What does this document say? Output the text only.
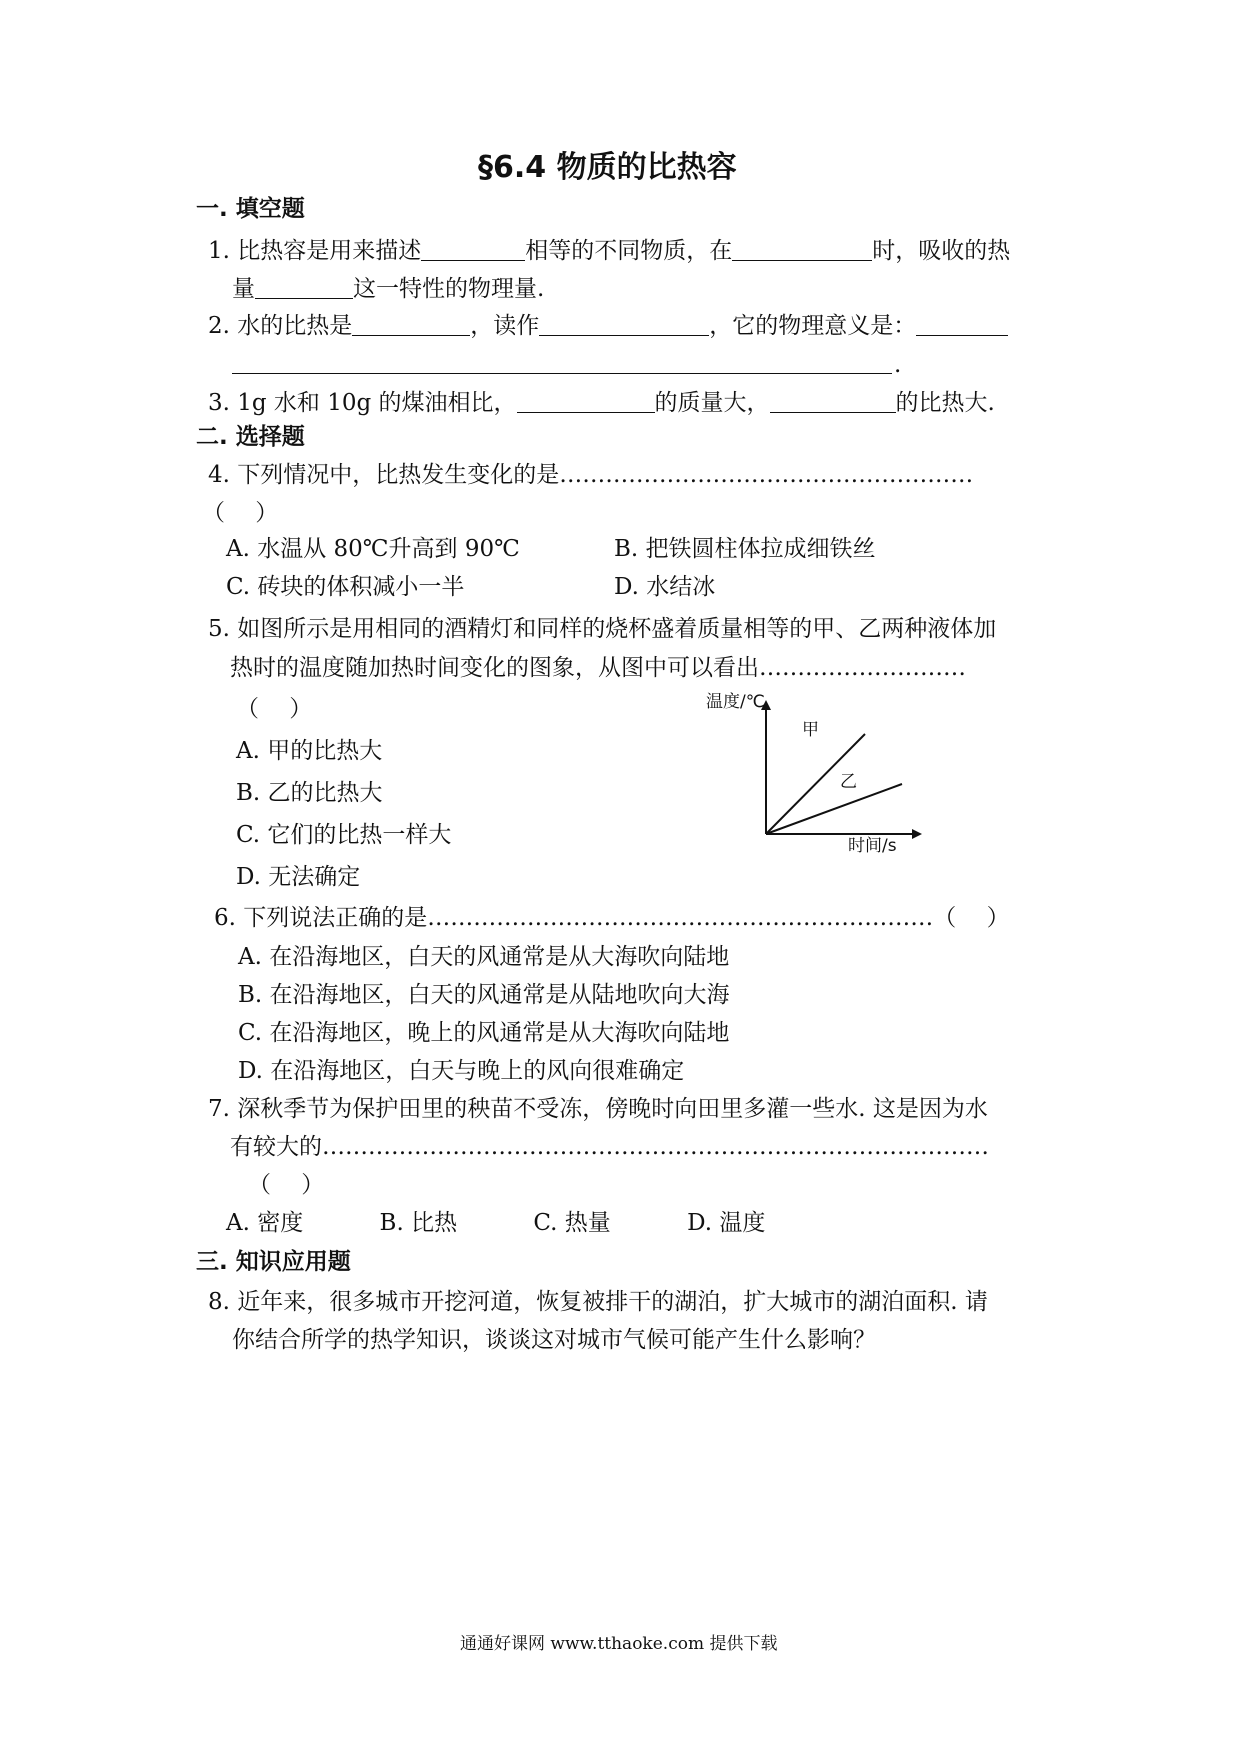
§6.4 物质的比热容
一. 填空题
1. 比热容是用来描述	相等的不同物质，在	时，吸收的热
量	这一特性的物理量.
2. 水的比热是	，读作	，它的物理意义是：
.
3. 1g 水和 10g 的煤油相比，	的质量大，	的比热大.
二. 选择题
4. 下列情况中，比热发生变化的是………………………………………………
（　 ）
A. 水温从 80℃升高到 90℃	B. 把铁圆柱体拉成细铁丝
C. 砖块的体积减小一半	D. 水结冰
5. 如图所示是用相同的酒精灯和同样的烧杯盛着质量相等的甲、乙两种液体加
热时的温度随加热时间变化的图象，从图中可以看出………………………
（　 ）
A. 甲的比热大
B. 乙的比热大
C. 它们的比热一样大
D. 无法确定
温度/℃
时间/s
甲
乙
6. 下列说法正确的是…………………………………………………………（　 ）
A. 在沿海地区，白天的风通常是从大海吹向陆地
B. 在沿海地区，白天的风通常是从陆地吹向大海
C. 在沿海地区，晚上的风通常是从大海吹向陆地
D. 在沿海地区，白天与晚上的风向很难确定
7. 深秋季节为保护田里的秧苗不受冻，傍晚时向田里多灌一些水. 这是因为水
有较大的……………………………………………………………………………
（　 ）
A. 密度　　　 B. 比热　　　 C. 热量　　　 D. 温度
三. 知识应用题
8. 近年来，很多城市开挖河道，恢复被排干的湖泊，扩大城市的湖泊面积. 请
你结合所学的热学知识，谈谈这对城市气候可能产生什么影响？
通通好课网 www.tthaoke.com 提供下载
